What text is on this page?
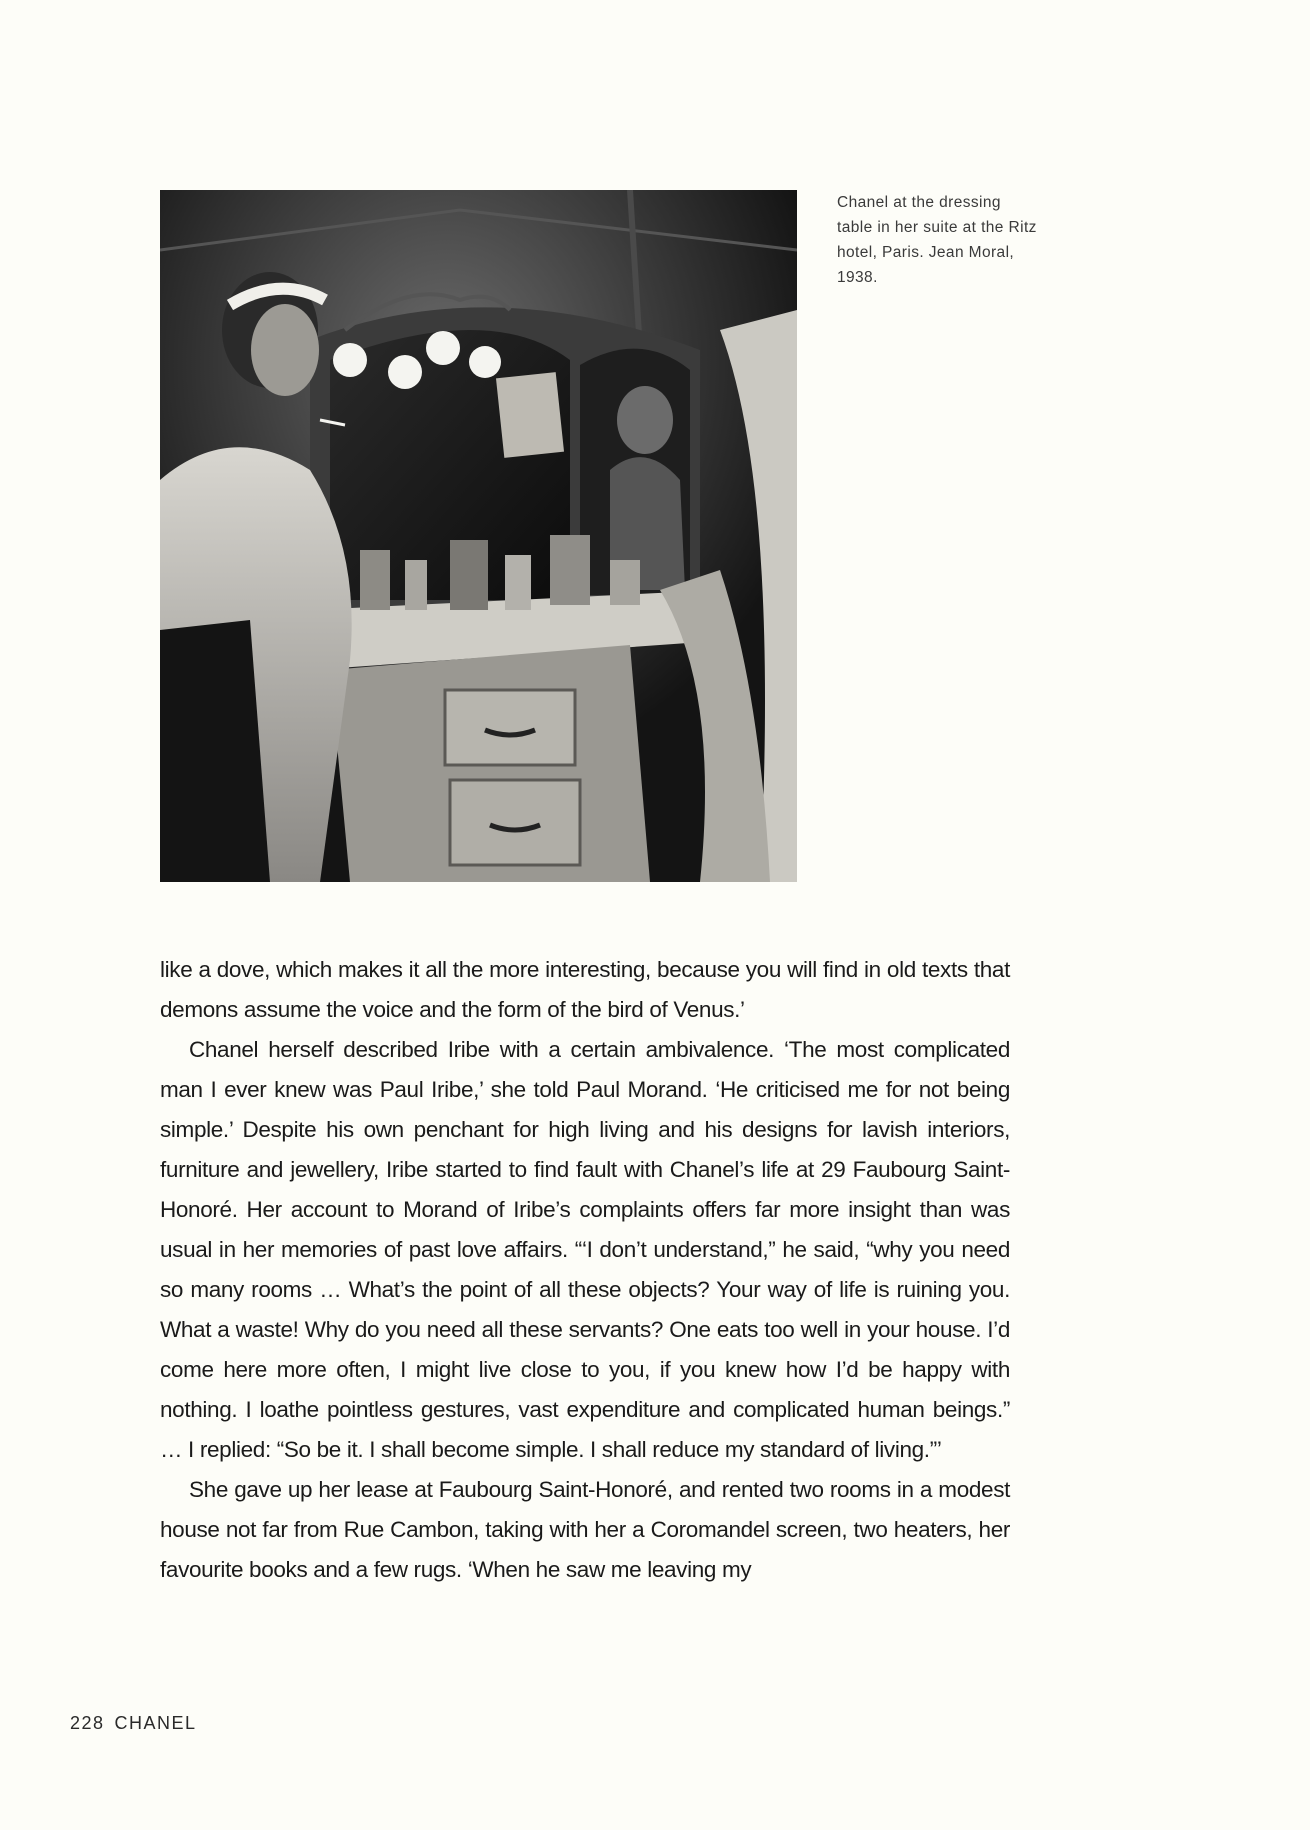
Chanel at the dressing table in her suite at the Ritz hotel, Paris. Jean Moral, 1938.

like a dove, which makes it all the more interesting, because you will find in old texts that demons assume the voice and the form of the bird of Venus.’

Chanel herself described Iribe with a certain ambivalence. ‘The most complicated man I ever knew was Paul Iribe,’ she told Paul Morand. ‘He criticised me for not being simple.’ Despite his own penchant for high living and his designs for lavish interiors, furniture and jewellery, Iribe started to find fault with Chanel’s life at 29 Faubourg Saint-Honoré. Her account to Morand of Iribe’s complaints offers far more insight than was usual in her memories of past love affairs. “‘I don’t understand,” he said, “why you need so many rooms … What’s the point of all these objects? Your way of life is ruining you. What a waste! Why do you need all these servants? One eats too well in your house. I’d come here more often, I might live close to you, if you knew how I’d be happy with nothing. I loathe pointless gestures, vast expenditure and complicated human beings.” … I replied: “So be it. I shall become simple. I shall reduce my standard of living.”’

She gave up her lease at Faubourg Saint-Honoré, and rented two rooms in a modest house not far from Rue Cambon, taking with her a Coromandel screen, two heaters, her favourite books and a few rugs. ‘When he saw me leaving my

228 CHANEL
